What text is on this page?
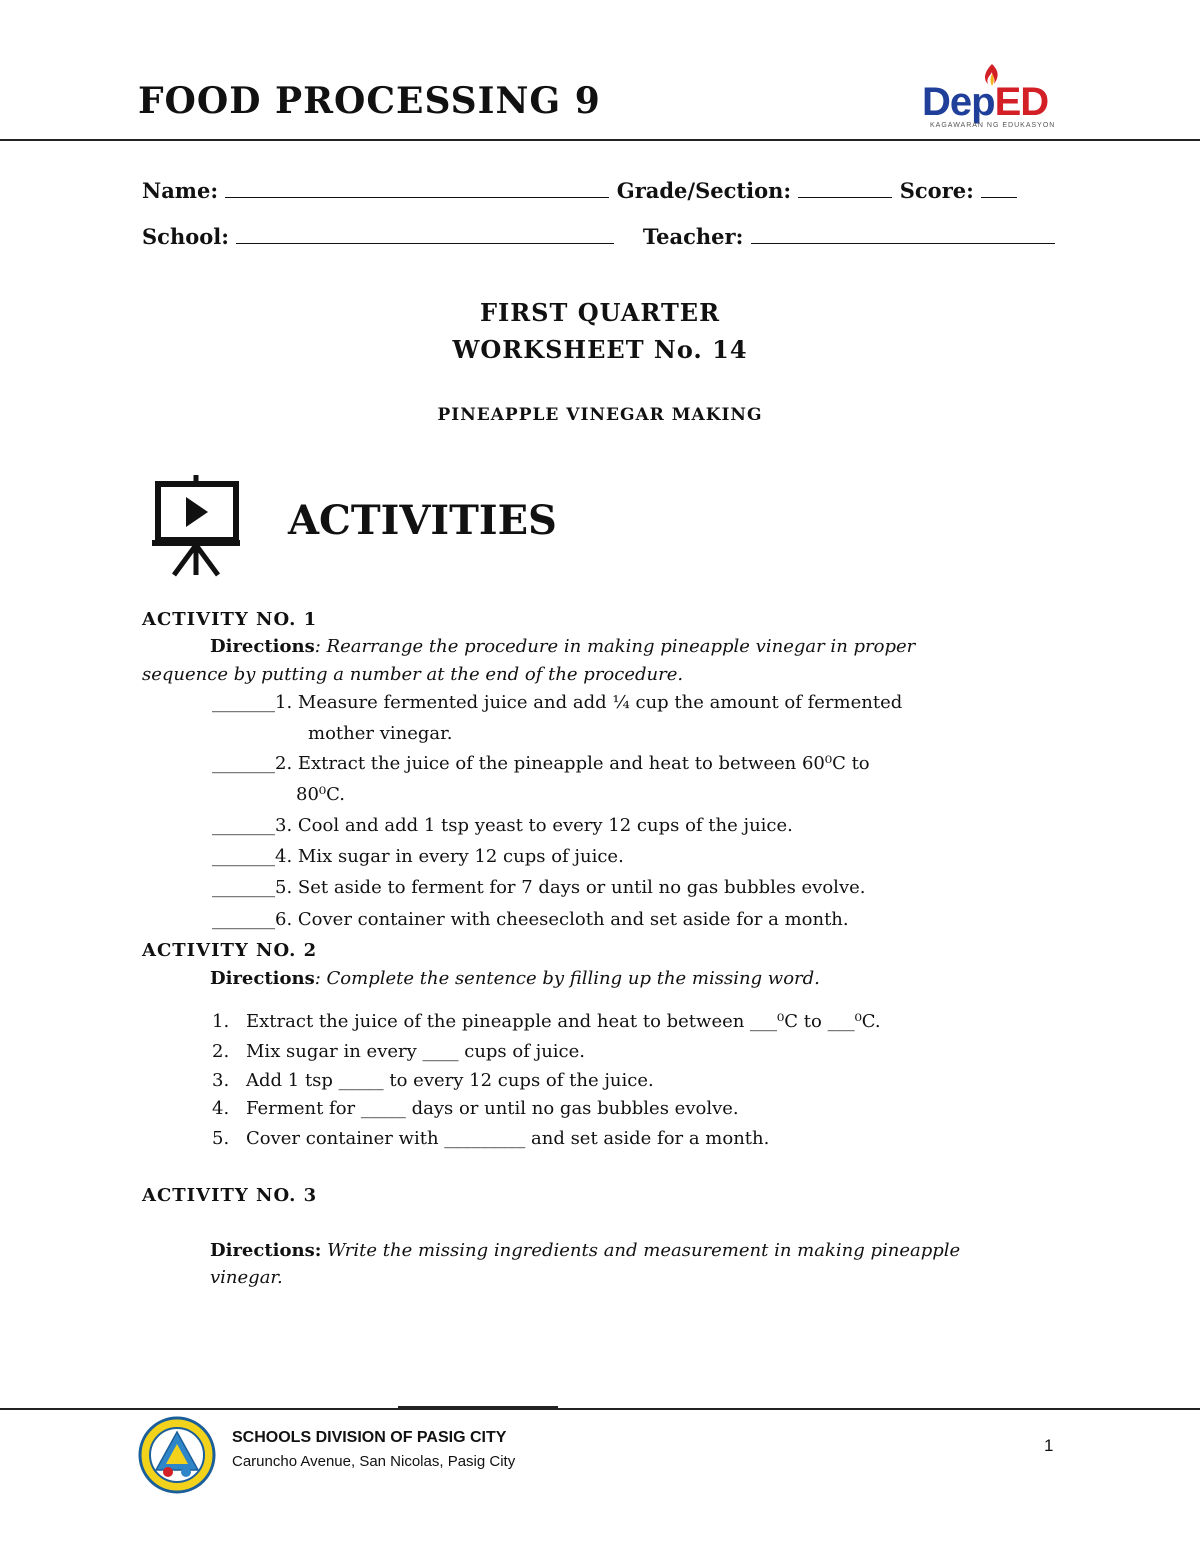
FOOD PROCESSING 9	DepED
KAGAWARAN NG EDUKASYON
Name:	Grade/Section:	Score:
School:	Teacher:
FIRST QUARTER
WORKSHEET No. 14
PINEAPPLE VINEGAR MAKING
ACTIVITIES
ACTIVITY NO. 1
Directions: Rearrange the procedure in making pineapple vinegar in proper
sequence by putting a number at the end of the procedure.
_______1. Measure fermented juice and add ¼ cup the amount of fermented
mother vinegar.
_______2. Extract the juice of the pineapple and heat to between 60⁰C to
80⁰C.
_______3. Cool and add 1 tsp yeast to every 12 cups of the juice.
_______4. Mix sugar in every 12 cups of juice.
_______5. Set aside to ferment for 7 days or until no gas bubbles evolve.
_______6. Cover container with cheesecloth and set aside for a month.
ACTIVITY NO. 2
Directions: Complete the sentence by filling up the missing word.
1. Extract the juice of the pineapple and heat to between ___⁰C to ___⁰C.
2. Mix sugar in every ____ cups of juice.
3. Add 1 tsp _____ to every 12 cups of the juice.
4. Ferment for _____ days or until no gas bubbles evolve.
5. Cover container with _________ and set aside for a month.
ACTIVITY NO. 3
Directions: Write the missing ingredients and measurement in making pineapple
vinegar.
SCHOOLS DIVISION OF PASIG CITY
Caruncho Avenue, San Nicolas, Pasig City
1
